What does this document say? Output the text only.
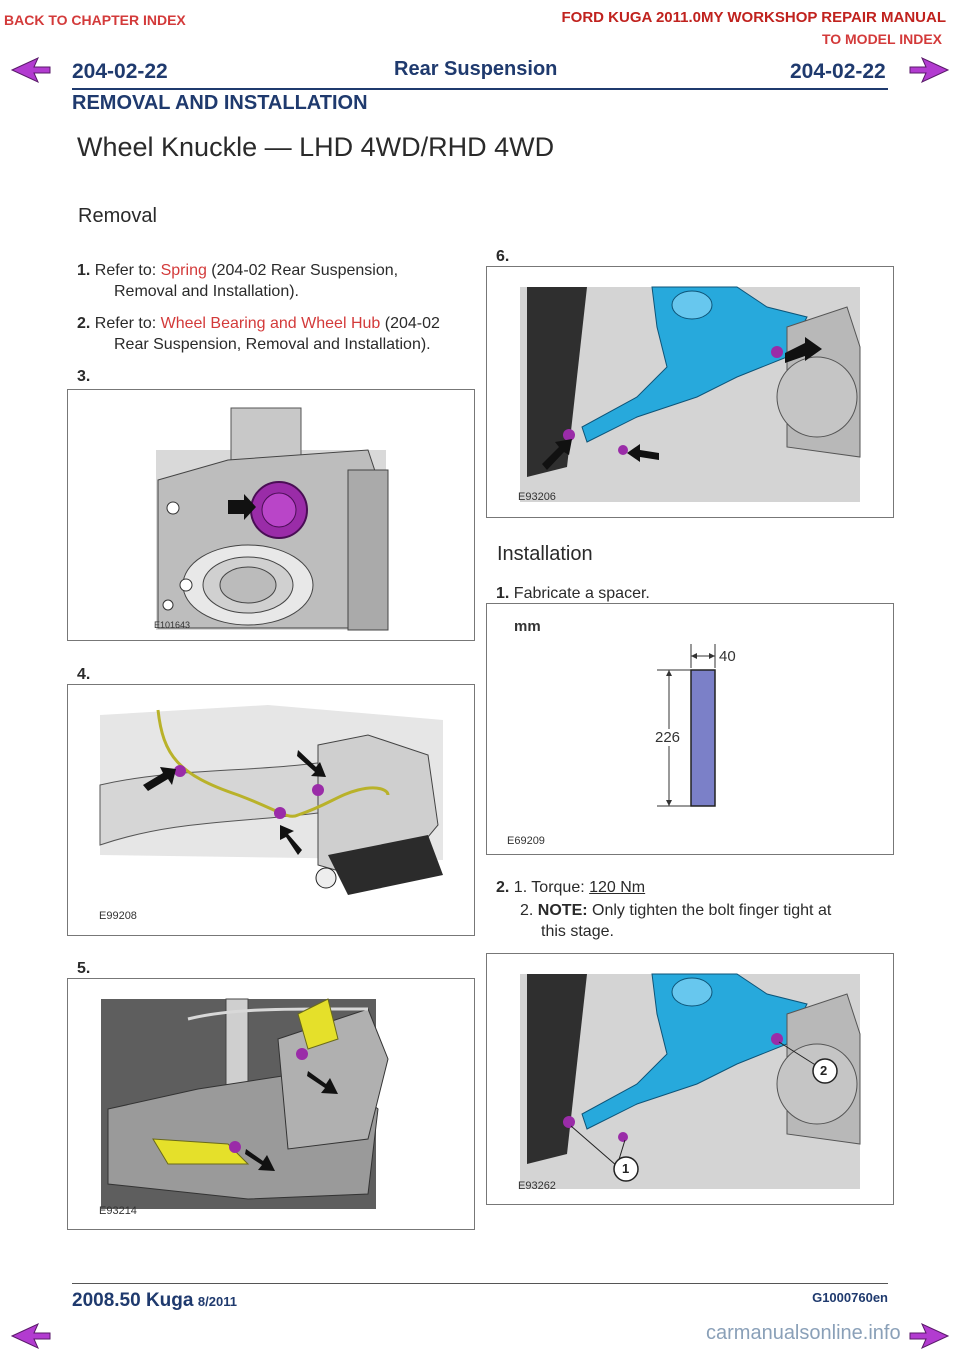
BACK TO CHAPTER INDEX	FORD KUGA 2011.0MY WORKSHOP REPAIR MANUAL
TO MODEL INDEX
204-02-22	Rear Suspension	204-02-22
REMOVAL AND INSTALLATION
Wheel Knuckle — LHD 4WD/RHD 4WD
Removal
1. Refer to: Spring (204-02 Rear Suspension,
Removal and Installation).
2. Refer to: Wheel Bearing and Wheel Hub (204-02
Rear Suspension, Removal and Installation).
3.
E101643
4.
E99208
5.
E93214
6.
E93206
Installation
1. Fabricate a spacer.
mm
40
226
E69209
2. 1. Torque: 120 Nm
2. NOTE: Only tighten the bolt finger tight at
this stage.
2
1
E93262
2008.50 Kuga 8/2011	G1000760en
carmanualsonline.info
